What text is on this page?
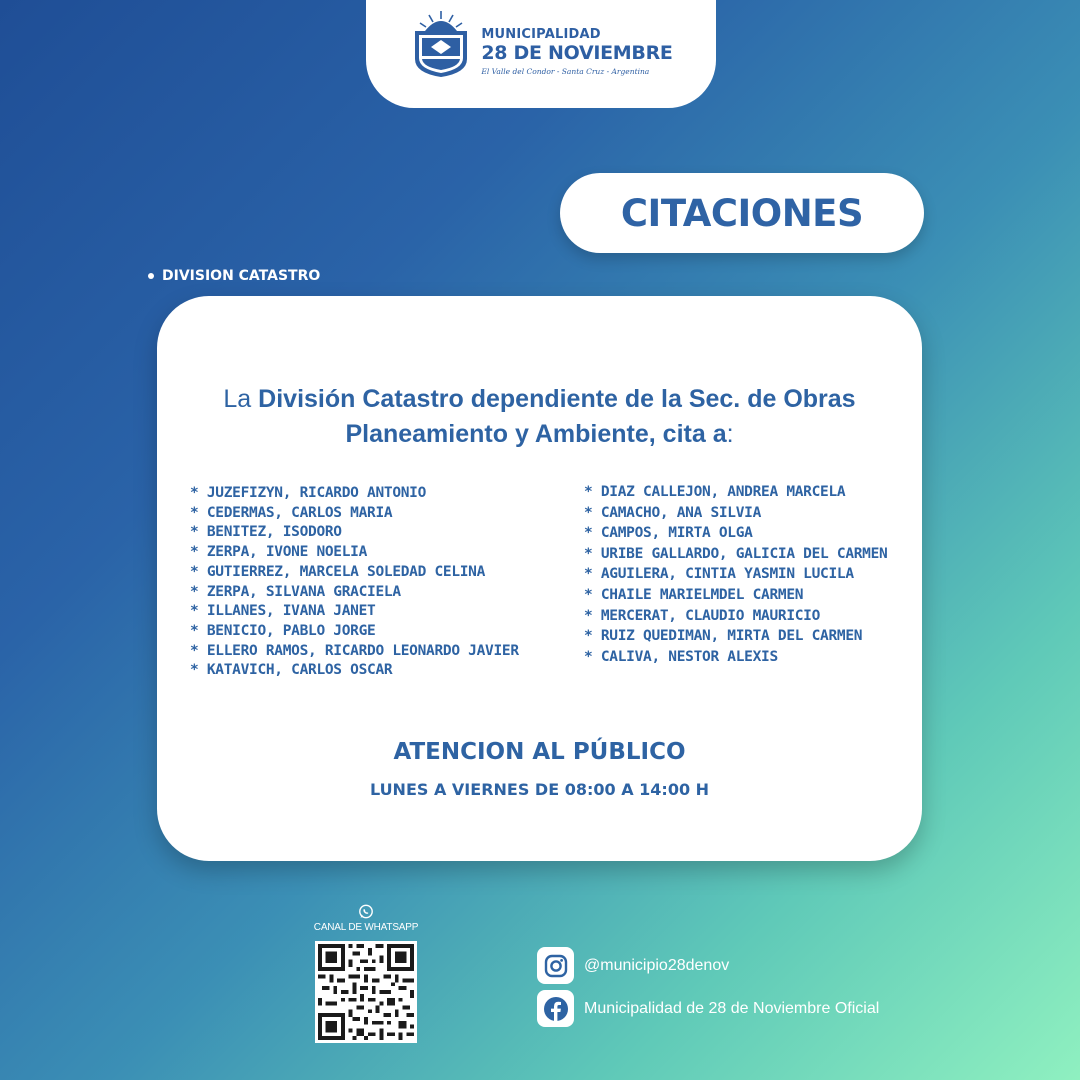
MUNICIPALIDAD
28 DE NOVIEMBRE
El Valle del Condor - Santa Cruz - Argentina
CITACIONES
DIVISION CATASTRO
La División Catastro dependiente de la Sec. de Obras
Planeamiento y Ambiente, cita a:
* JUZEFIZYN, RICARDO ANTONIO
* CEDERMAS, CARLOS MARIA
* BENITEZ, ISODORO
* ZERPA, IVONE NOELIA
* GUTIERREZ, MARCELA SOLEDAD CELINA
* ZERPA, SILVANA GRACIELA
* ILLANES, IVANA JANET
* BENICIO, PABLO JORGE
* ELLERO RAMOS, RICARDO LEONARDO JAVIER
* KATAVICH, CARLOS OSCAR
* DIAZ CALLEJON, ANDREA MARCELA
* CAMACHO, ANA SILVIA
* CAMPOS, MIRTA OLGA
* URIBE GALLARDO, GALICIA DEL CARMEN
* AGUILERA, CINTIA YASMIN LUCILA
* CHAILE MARIELMDEL CARMEN
* MERCERAT, CLAUDIO MAURICIO
* RUIZ QUEDIMAN, MIRTA DEL CARMEN
* CALIVA, NESTOR ALEXIS
ATENCION AL PÚBLICO
LUNES A VIERNES DE 08:00 A 14:00 H
CANAL DE WHATSAPP
@municipio28denov
Municipalidad de 28 de Noviembre Oficial
